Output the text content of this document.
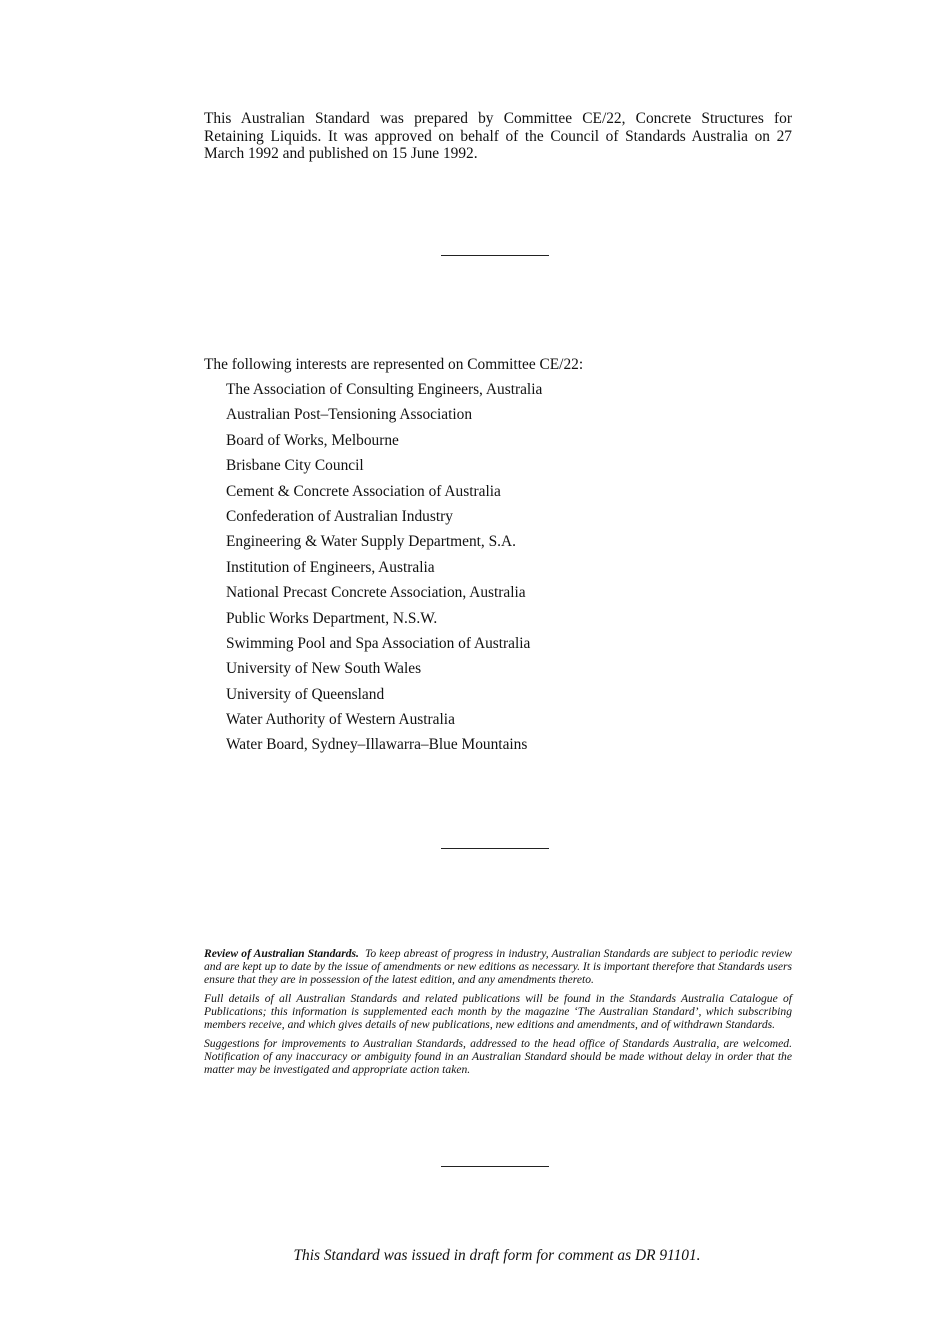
This Australian Standard was prepared by Committee CE/22, Concrete Structures for Retaining Liquids. It was approved on behalf of the Council of Standards Australia on 27 March 1992 and published on 15 June 1992.

The following interests are represented on Committee CE/22:

The Association of Consulting Engineers, Australia
Australian Post–Tensioning Association
Board of Works, Melbourne
Brisbane City Council
Cement & Concrete Association of Australia
Confederation of Australian Industry
Engineering & Water Supply Department, S.A.
Institution of Engineers, Australia
National Precast Concrete Association, Australia
Public Works Department, N.S.W.
Swimming Pool and Spa Association of Australia
University of New South Wales
University of Queensland
Water Authority of Western Australia
Water Board, Sydney–Illawarra–Blue Mountains

Review of Australian Standards. To keep abreast of progress in industry, Australian Standards are subject to periodic review and are kept up to date by the issue of amendments or new editions as necessary. It is important therefore that Standards users ensure that they are in possession of the latest edition, and any amendments thereto.

Full details of all Australian Standards and related publications will be found in the Standards Australia Catalogue of Publications; this information is supplemented each month by the magazine ‘The Australian Standard’, which subscribing members receive, and which gives details of new publications, new editions and amendments, and of withdrawn Standards.

Suggestions for improvements to Australian Standards, addressed to the head office of Standards Australia, are welcomed. Notification of any inaccuracy or ambiguity found in an Australian Standard should be made without delay in order that the matter may be investigated and appropriate action taken.

This Standard was issued in draft form for comment as DR 91101.
